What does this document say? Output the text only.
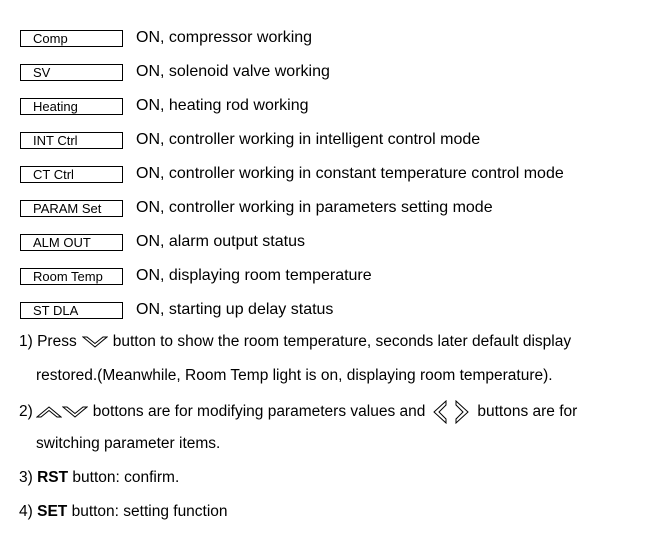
Comp	ON, compressor working
SV	ON, solenoid valve working
Heating	ON, heating rod working
INT Ctrl	ON, controller working in intelligent control mode
CT Ctrl	ON, controller working in constant temperature control mode
PARAM Set	ON, controller working in parameters setting mode
ALM OUT	ON, alarm output status
Room Temp	ON, displaying room temperature
ST DLA	ON, starting up delay status
1) Press button to show the room temperature, seconds later default display
restored.(Meanwhile, Room Temp light is on, displaying room temperature).
2)	bottons are for modifying parameters values and	buttons are for
switching parameter items.
3)
RST
button: confirm.
4)
SET
button: setting function
